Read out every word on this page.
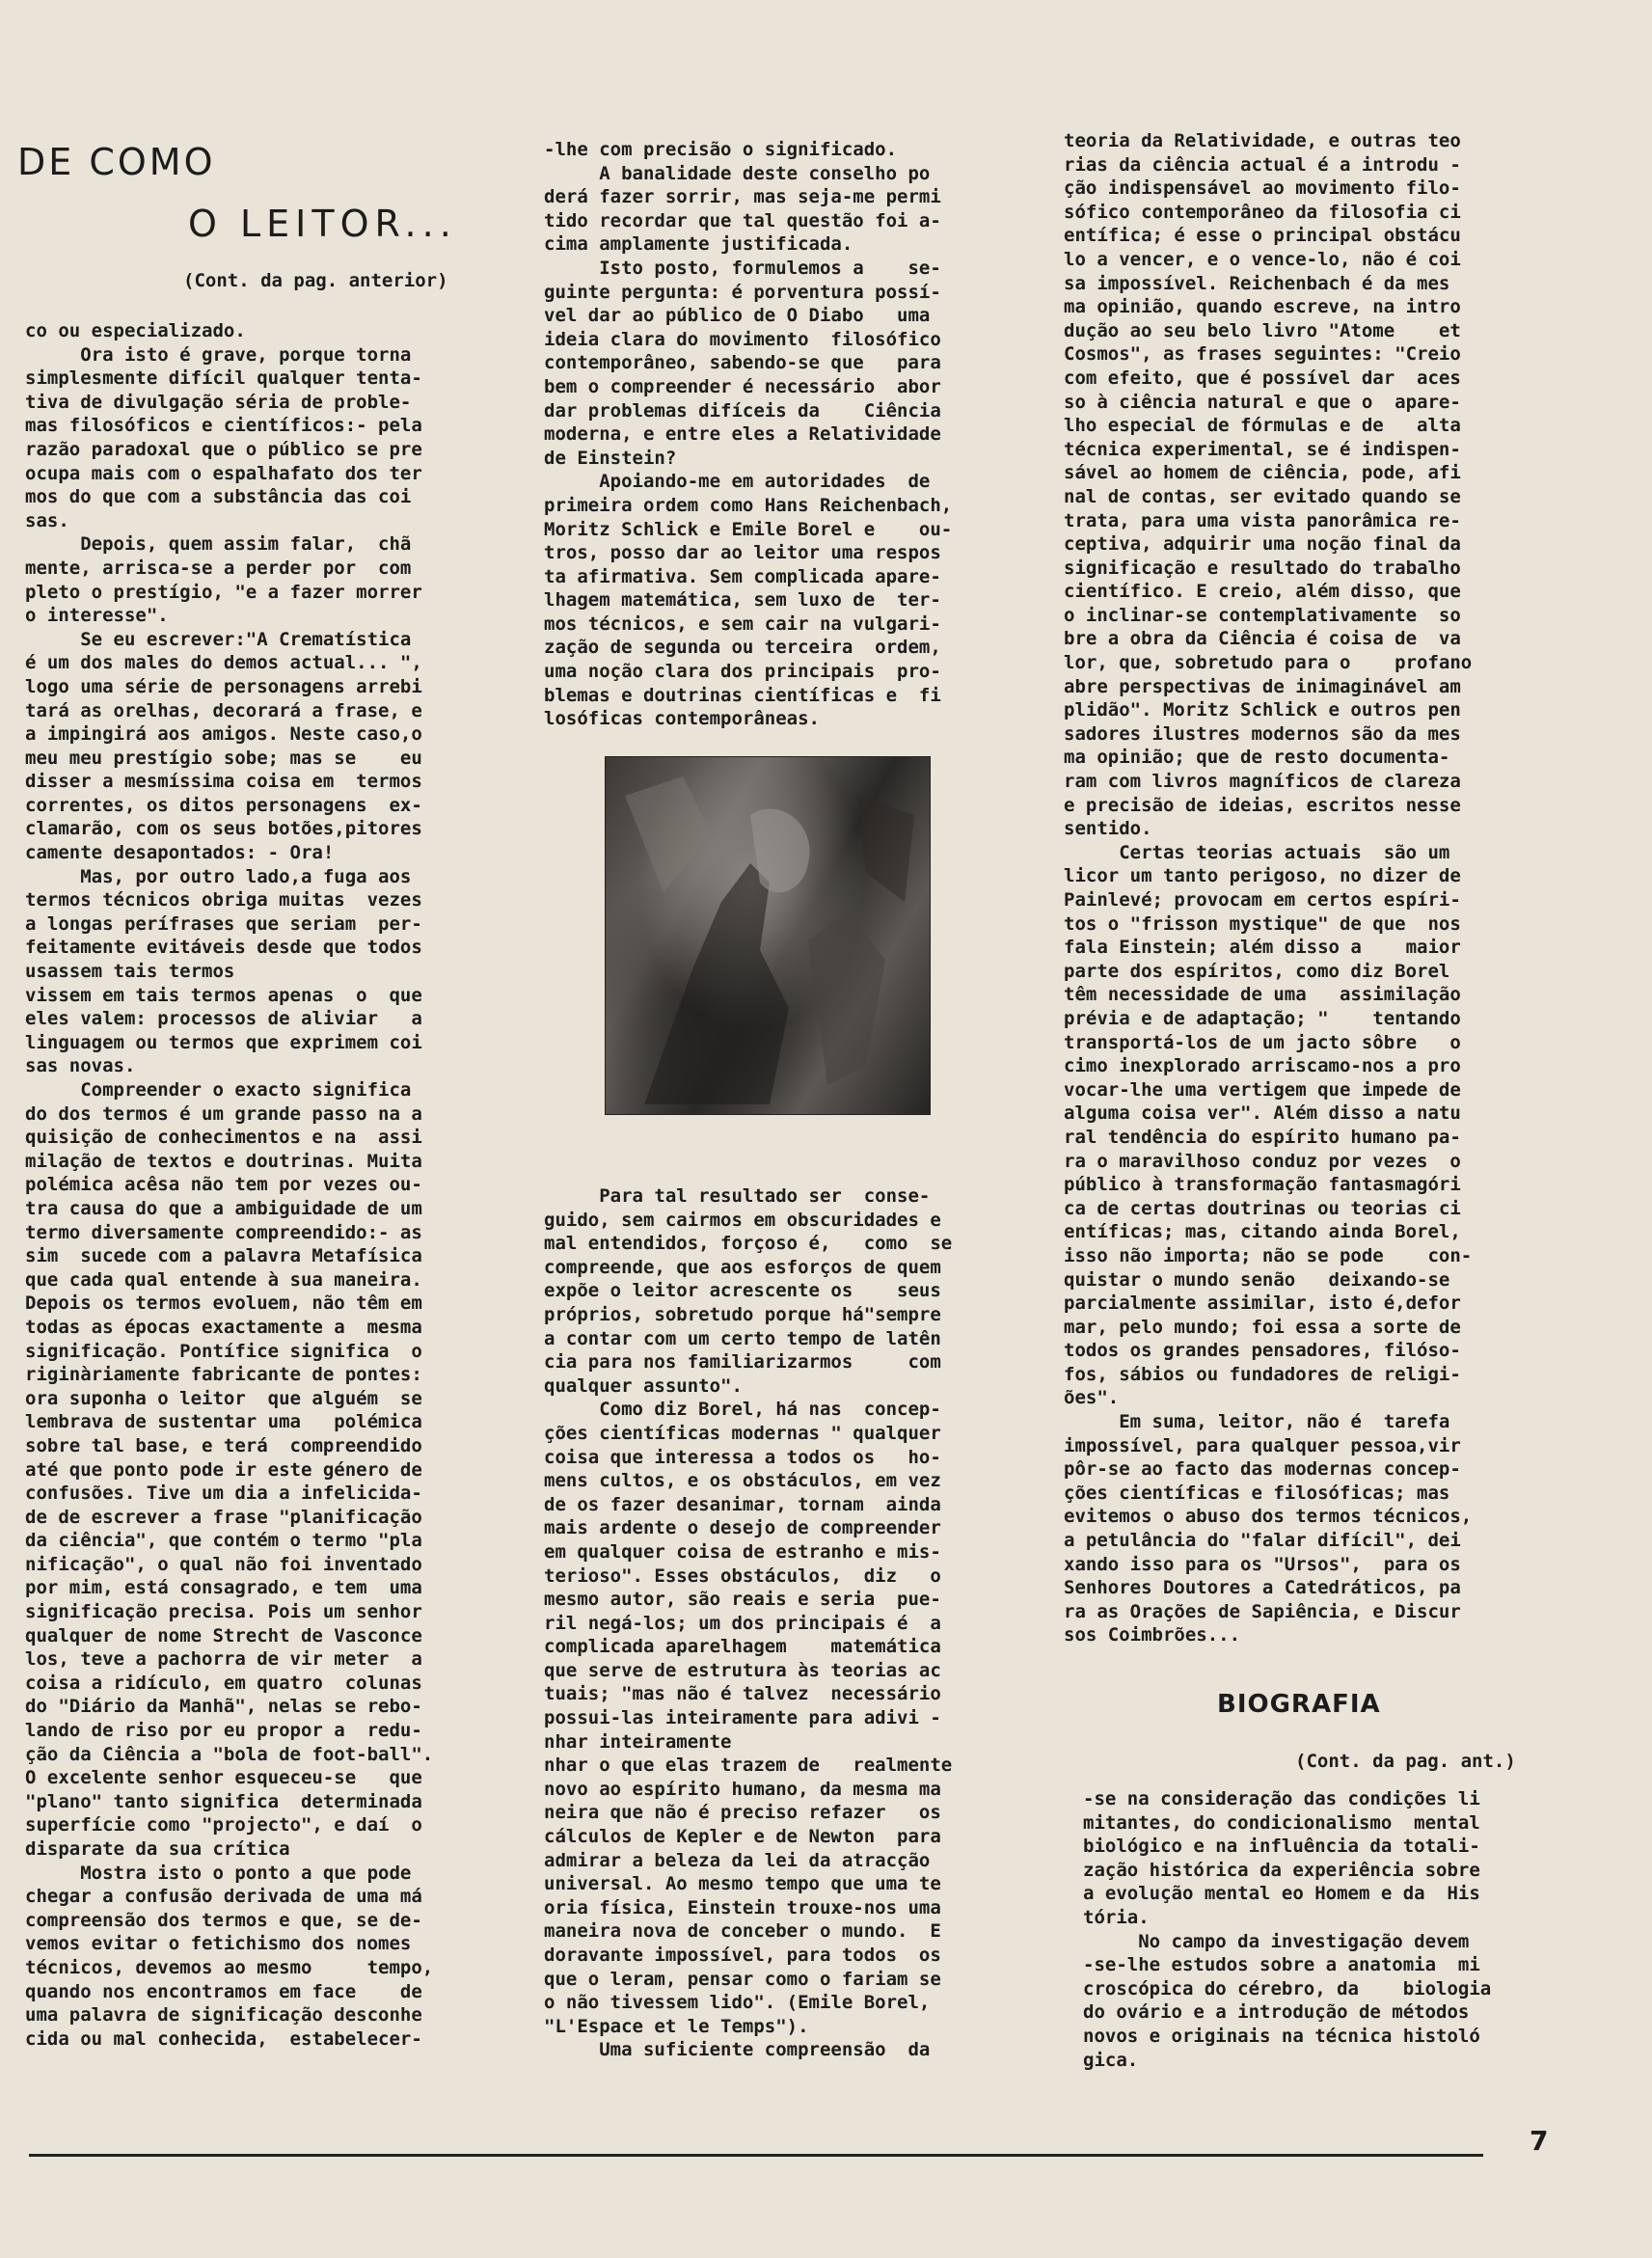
DE COMO
O LEITOR...
(Cont. da pag. anterior)
co ou especializado.
Ora isto é grave, porque torna
simplesmente difícil qualquer tenta-
tiva de divulgação séria de proble-
mas filosóficos e científicos:- pela
razão paradoxal que o público se pre
ocupa mais com o espalhafato dos ter
mos do que com a substância das coi
sas.
Depois, quem assim falar,  chã
mente, arrisca-se a perder por  com
pleto o prestígio, "e a fazer morrer
o interesse".
Se eu escrever:"A Crematística
é um dos males do demos actual... ",
logo uma série de personagens arrebi
tará as orelhas, decorará a frase, e
a impingirá aos amigos. Neste caso,o
meu meu prestígio sobe; mas se    eu
disser a mesmíssima coisa em  termos
correntes, os ditos personagens  ex-
clamarão, com os seus botões,pitores
camente desapontados: - Ora!
Mas, por outro lado,a fuga aos
termos técnicos obriga muitas  vezes
a longas perífrases que seriam  per-
feitamente evitáveis desde que todos
usassem tais termos
vissem em tais termos apenas  o  que
eles valem: processos de aliviar   a
linguagem ou termos que exprimem coi
sas novas.
Compreender o exacto significa
do dos termos é um grande passo na a
quisição de conhecimentos e na  assi
milação de textos e doutrinas. Muita
polémica acêsa não tem por vezes ou-
tra causa do que a ambiguidade de um
termo diversamente compreendido:- as
sim  sucede com a palavra Metafísica
que cada qual entende à sua maneira.
Depois os termos evoluem, não têm em
todas as épocas exactamente a  mesma
significação. Pontífice significa  o
riginàriamente fabricante de pontes:
ora suponha o leitor  que alguém  se
lembrava de sustentar uma   polémica
sobre tal base, e terá  compreendido
até que ponto pode ir este género de
confusões. Tive um dia a infelicida-
de de escrever a frase "planificação
da ciência", que contém o termo "pla
nificação", o qual não foi inventado
por mim, está consagrado, e tem  uma
significação precisa. Pois um senhor
qualquer de nome Strecht de Vasconce
los, teve a pachorra de vir meter  a
coisa a ridículo, em quatro  colunas
do "Diário da Manhã", nelas se rebo-
lando de riso por eu propor a  redu-
ção da Ciência a "bola de foot-ball".
O excelente senhor esqueceu-se   que
"plano" tanto significa  determinada
superfície como "projecto", e daí  o
disparate da sua crítica
Mostra isto o ponto a que pode
chegar a confusão derivada de uma má
compreensão dos termos e que, se de-
vemos evitar o fetichismo dos nomes
técnicos, devemos ao mesmo     tempo,
quando nos encontramos em face    de
uma palavra de significação desconhe
cida ou mal conhecida,  estabelecer-
-lhe com precisão o significado.
A banalidade deste conselho po
derá fazer sorrir, mas seja-me permi
tido recordar que tal questão foi a-
cima amplamente justificada.
Isto posto, formulemos a    se-
guinte pergunta: é porventura possí-
vel dar ao público de O Diabo   uma
ideia clara do movimento  filosófico
contemporâneo, sabendo-se que   para
bem o compreender é necessário  abor
dar problemas difíceis da    Ciência
moderna, e entre eles a Relatividade
de Einstein?
Apoiando-me em autoridades  de
primeira ordem como Hans Reichenbach,
Moritz Schlick e Emile Borel e    ou-
tros, posso dar ao leitor uma respos
ta afirmativa. Sem complicada apare-
lhagem matemática, sem luxo de  ter-
mos técnicos, e sem cair na vulgari-
zação de segunda ou terceira  ordem,
uma noção clara dos principais  pro-
blemas e doutrinas científicas e  fi
losóficas contemporâneas.
Para tal resultado ser  conse-
guido, sem cairmos em obscuridades e
mal entendidos, forçoso é,   como  se
compreende, que aos esforços de quem
expõe o leitor acrescente os    seus
próprios, sobretudo porque há"sempre
a contar com um certo tempo de latên
cia para nos familiarizarmos     com
qualquer assunto".
Como diz Borel, há nas  concep-
ções científicas modernas " qualquer
coisa que interessa a todos os   ho-
mens cultos, e os obstáculos, em vez
de os fazer desanimar, tornam  ainda
mais ardente o desejo de compreender
em qualquer coisa de estranho e mis-
terioso". Esses obstáculos,  diz   o
mesmo autor, são reais e seria  pue-
ril negá-los; um dos principais é  a
complicada aparelhagem    matemática
que serve de estrutura às teorias ac
tuais; "mas não é talvez  necessário
possui-las inteiramente para adivi -
nhar inteiramente
nhar o que elas trazem de   realmente
novo ao espírito humano, da mesma ma
neira que não é preciso refazer   os
cálculos de Kepler e de Newton  para
admirar a beleza da lei da atracção
universal. Ao mesmo tempo que uma te
oria física, Einstein trouxe-nos uma
maneira nova de conceber o mundo.  E
doravante impossível, para todos  os
que o leram, pensar como o fariam se
o não tivessem lido". (Emile Borel,
"L'Espace et le Temps").
Uma suficiente compreensão  da
teoria da Relatividade, e outras teo
rias da ciência actual é a introdu -
ção indispensável ao movimento filo-
sófico contemporâneo da filosofia ci
entífica; é esse o principal obstácu
lo a vencer, e o vence-lo, não é coi
sa impossível. Reichenbach é da mes
ma opinião, quando escreve, na intro
dução ao seu belo livro "Atome    et
Cosmos", as frases seguintes: "Creio
com efeito, que é possível dar  aces
so à ciência natural e que o  apare-
lho especial de fórmulas e de   alta
técnica experimental, se é indispen-
sável ao homem de ciência, pode, afi
nal de contas, ser evitado quando se
trata, para uma vista panorâmica re-
ceptiva, adquirir uma noção final da
significação e resultado do trabalho
científico. E creio, além disso, que
o inclinar-se contemplativamente  so
bre a obra da Ciência é coisa de  va
lor, que, sobretudo para o    profano
abre perspectivas de inimaginável am
plidão". Moritz Schlick e outros pen
sadores ilustres modernos são da mes
ma opinião; que de resto documenta-
ram com livros magníficos de clareza
e precisão de ideias, escritos nesse
sentido.
Certas teorias actuais  são um
licor um tanto perigoso, no dizer de
Painlevé; provocam em certos espíri-
tos o "frisson mystique" de que  nos
fala Einstein; além disso a    maior
parte dos espíritos, como diz Borel
têm necessidade de uma   assimilação
prévia e de adaptação; "    tentando
transportá-los de um jacto sôbre   o
cimo inexplorado arriscamo-nos a pro
vocar-lhe uma vertigem que impede de
alguma coisa ver". Além disso a natu
ral tendência do espírito humano pa-
ra o maravilhoso conduz por vezes  o
público à transformação fantasmagóri
ca de certas doutrinas ou teorias ci
entíficas; mas, citando ainda Borel,
isso não importa; não se pode    con-
quistar o mundo senão   deixando-se
parcialmente assimilar, isto é,defor
mar, pelo mundo; foi essa a sorte de
todos os grandes pensadores, filóso-
fos, sábios ou fundadores de religi-
ões".
Em suma, leitor, não é  tarefa
impossível, para qualquer pessoa,vir
pôr-se ao facto das modernas concep-
ções científicas e filosóficas; mas
evitemos o abuso dos termos técnicos,
a petulância do "falar difícil", dei
xando isso para os "Ursos",  para os
Senhores Doutores a Catedráticos, pa
ra as Orações de Sapiência, e Discur
sos Coimbrões...
BIOGRAFIA
(Cont. da pag. ant.)
-se na consideração das condições li
mitantes, do condicionalismo  mental
biológico e na influência da totali-
zação histórica da experiência sobre
a evolução mental eo Homem e da  His
tória.
No campo da investigação devem
-se-lhe estudos sobre a anatomia  mi
croscópica do cérebro, da    biologia
do ovário e a introdução de métodos
novos e originais na técnica histoló
gica.
7
